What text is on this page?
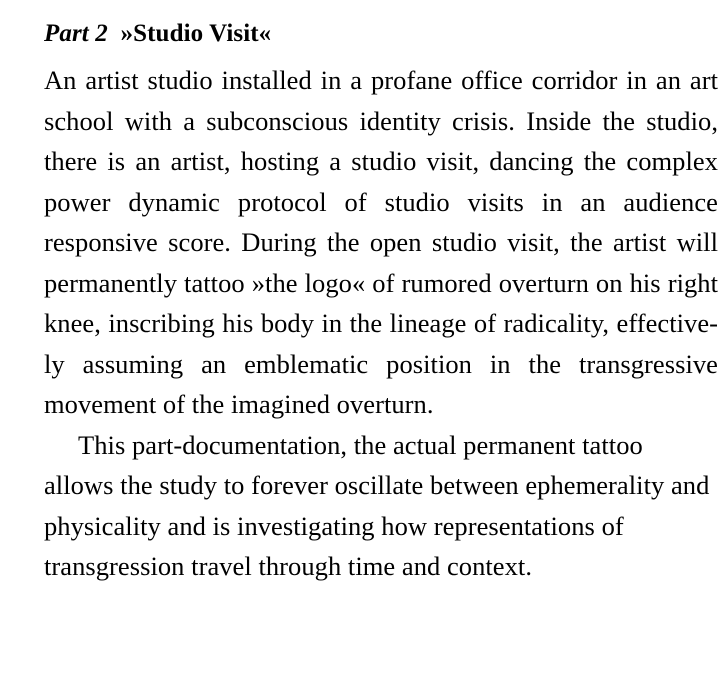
Part 2 »Studio Visit«

An artist studio installed in a profane office corridor in an art school with a subconscious identity crisis. Inside the studio, there is an artist, hosting a studio visit, dancing the complex power dynamic protocol of studio visits in an audience responsive score. During the open studio visit, the artist will permanently tattoo »the logo« of rumored overturn on his right knee, inscribing his body in the lineage of radicality, effectively assuming an emblematic position in the transgressive movement of the imagined overturn.

This part-documentation, the actual permanent tattoo allows the study to forever oscillate between ephemerality and physicality and is investigating how representations of transgression travel through time and context.
